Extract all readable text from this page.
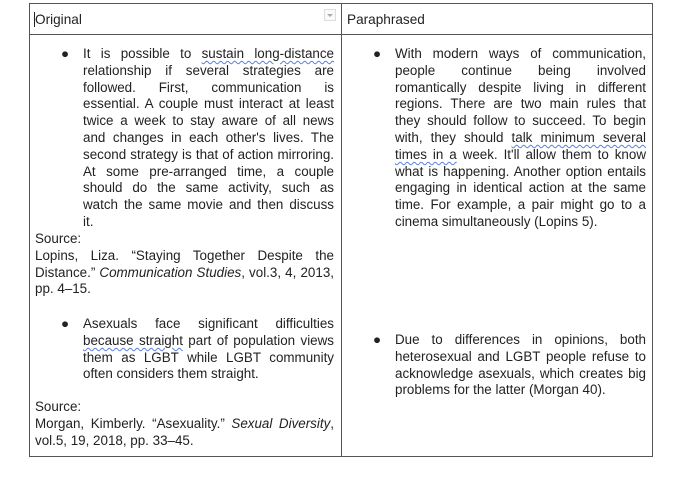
Original	Paraphrased
● It is possible to sustain long-distance relationship if several strategies are followed. First, communication is essential. A couple must interact at least twice a week to stay aware of all news and changes in each other's lives. The second strategy is that of action mirroring. At some pre-arranged time, a couple should do the same activity, such as watch the same movie and then discuss it.
Source:
Lopins, Liza. “Staying Together Despite the Distance.” Communication Studies, vol.3, 4, 2013, pp. 4–15.
● With modern ways of communication, people continue being involved romantically despite living in different regions. There are two main rules that they should follow to succeed. To begin with, they should talk minimum several times in a week. It'll allow them to know what is happening. Another option entails engaging in identical action at the same time. For example, a pair might go to a cinema simultaneously (Lopins 5).
● Asexuals face significant difficulties because straight part of population views them as LGBT while LGBT community often considers them straight.
Source:
Morgan, Kimberly. “Asexuality.” Sexual Diversity, vol.5, 19, 2018, pp. 33–45.
● Due to differences in opinions, both heterosexual and LGBT people refuse to acknowledge asexuals, which creates big problems for the latter (Morgan 40).
